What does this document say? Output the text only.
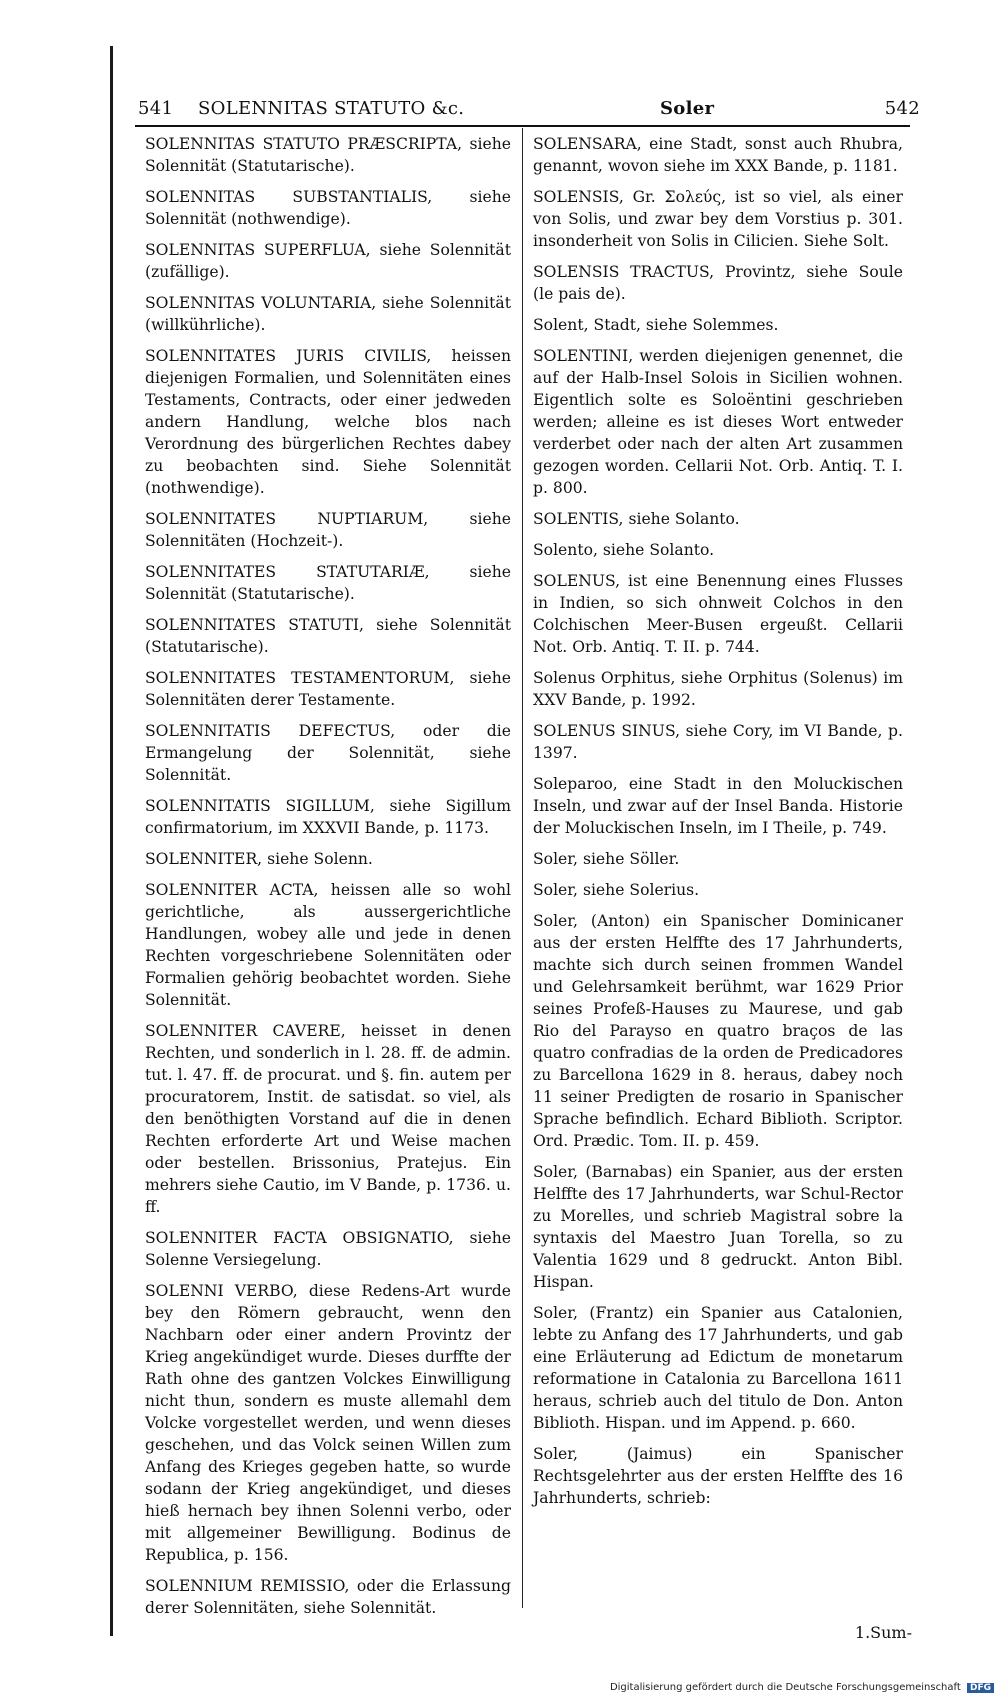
541 SOLENNITAS STATUTO &c.	Soler	542

SOLENNITAS STATUTO PRÆSCRIPTA, siehe Solennität (Statutarische).

SOLENNITAS SUBSTANTIALIS, siehe Solennität (nothwendige).

SOLENNITAS SUPERFLUA, siehe Solennität (zufällige).

SOLENNITAS VOLUNTARIA, siehe Solennität (willkührliche).

SOLENNITATES JURIS CIVILIS, heissen diejenigen Formalien, und Solennitäten eines Testaments, Contracts, oder einer jedweden andern Handlung, welche blos nach Verordnung des bürgerlichen Rechtes dabey zu beobachten sind. Siehe Solennität (nothwendige).

SOLENNITATES NUPTIARUM, siehe Solennitäten (Hochzeit-).

SOLENNITATES STATUTARIÆ, siehe Solennität (Statutarische).

SOLENNITATES STATUTI, siehe Solennität (Statutarische).

SOLENNITATES TESTAMENTORUM, siehe Solennitäten derer Testamente.

SOLENNITATIS DEFECTUS, oder die Ermangelung der Solennität, siehe Solennität.

SOLENNITATIS SIGILLUM, siehe Sigillum confirmatorium, im XXXVII Bande, p. 1173.

SOLENNITER, siehe Solenn.

SOLENNITER ACTA, heissen alle so wohl gerichtliche, als aussergerichtliche Handlungen, wobey alle und jede in denen Rechten vorgeschriebene Solennitäten oder Formalien gehörig beobachtet worden. Siehe Solennität.

SOLENNITER CAVERE, heisset in denen Rechten, und sonderlich in l. 28. ff. de admin. tut. l. 47. ff. de procurat. und §. fin. autem per procuratorem, Instit. de satisdat. so viel, als den benöthigten Vorstand auf die in denen Rechten erforderte Art und Weise machen oder bestellen. Brissonius, Pratejus. Ein mehrers siehe Cautio, im V Bande, p. 1736. u. ff.

SOLENNITER FACTA OBSIGNATIO, siehe Solenne Versiegelung.

SOLENNI VERBO, diese Redens-Art wurde bey den Römern gebraucht, wenn den Nachbarn oder einer andern Provintz der Krieg angekündiget wurde. Dieses durffte der Rath ohne des gantzen Volckes Einwilligung nicht thun, sondern es muste allemahl dem Volcke vorgestellet werden, und wenn dieses geschehen, und das Volck seinen Willen zum Anfang des Krieges gegeben hatte, so wurde sodann der Krieg angekündiget, und dieses hieß hernach bey ihnen Solenni verbo, oder mit allgemeiner Bewilligung. Bodinus de Republica, p. 156.

SOLENNIUM REMISSIO, oder die Erlassung derer Solennitäten, siehe Solennität.

SOLENSARA, eine Stadt, sonst auch Rhubra, genannt, wovon siehe im XXX Bande, p. 1181.

SOLENSIS, Gr. Σολεύς, ist so viel, als einer von Solis, und zwar bey dem Vorstius p. 301. insonderheit von Solis in Cilicien. Siehe Solt.

SOLENSIS TRACTUS, Provintz, siehe Soule (le pais de).

Solent, Stadt, siehe Solemmes.

SOLENTINI, werden diejenigen genennet, die auf der Halb-Insel Solois in Sicilien wohnen. Eigentlich solte es Soloëntini geschrieben werden; alleine es ist dieses Wort entweder verderbet oder nach der alten Art zusammen gezogen worden. Cellarii Not. Orb. Antiq. T. I. p. 800.

SOLENTIS, siehe Solanto.

Solento, siehe Solanto.

SOLENUS, ist eine Benennung eines Flusses in Indien, so sich ohnweit Colchos in den Colchischen Meer-Busen ergeußt. Cellarii Not. Orb. Antiq. T. II. p. 744.

Solenus Orphitus, siehe Orphitus (Solenus) im XXV Bande, p. 1992.

SOLENUS SINUS, siehe Cory, im VI Bande, p. 1397.

Soleparoo, eine Stadt in den Moluckischen Inseln, und zwar auf der Insel Banda. Historie der Moluckischen Inseln, im I Theile, p. 749.

Soler, siehe Söller.

Soler, siehe Solerius.

Soler, (Anton) ein Spanischer Dominicaner aus der ersten Helffte des 17 Jahrhunderts, machte sich durch seinen frommen Wandel und Gelehrsamkeit berühmt, war 1629 Prior seines Profeß-Hauses zu Maurese, und gab Rio del Parayso en quatro braços de las quatro confradias de la orden de Predicadores zu Barcellona 1629 in 8. heraus, dabey noch 11 seiner Predigten de rosario in Spanischer Sprache befindlich. Echard Biblioth. Scriptor. Ord. Prædic. Tom. II. p. 459.

Soler, (Barnabas) ein Spanier, aus der ersten Helffte des 17 Jahrhunderts, war Schul-Rector zu Morelles, und schrieb Magistral sobre la syntaxis del Maestro Juan Torella, so zu Valentia 1629 und 8 gedruckt. Anton Bibl. Hispan.

Soler, (Frantz) ein Spanier aus Catalonien, lebte zu Anfang des 17 Jahrhunderts, und gab eine Erläuterung ad Edictum de monetarum reformatione in Catalonia zu Barcellona 1611 heraus, schrieb auch del titulo de Don. Anton Biblioth. Hispan. und im Append. p. 660.

Soler, (Jaimus) ein Spanischer Rechtsgelehrter aus der ersten Helffte des 16 Jahrhunderts, schrieb:

1.Sum-
Digitalisierung gefördert durch die Deutsche Forschungsgemeinschaft DFG
